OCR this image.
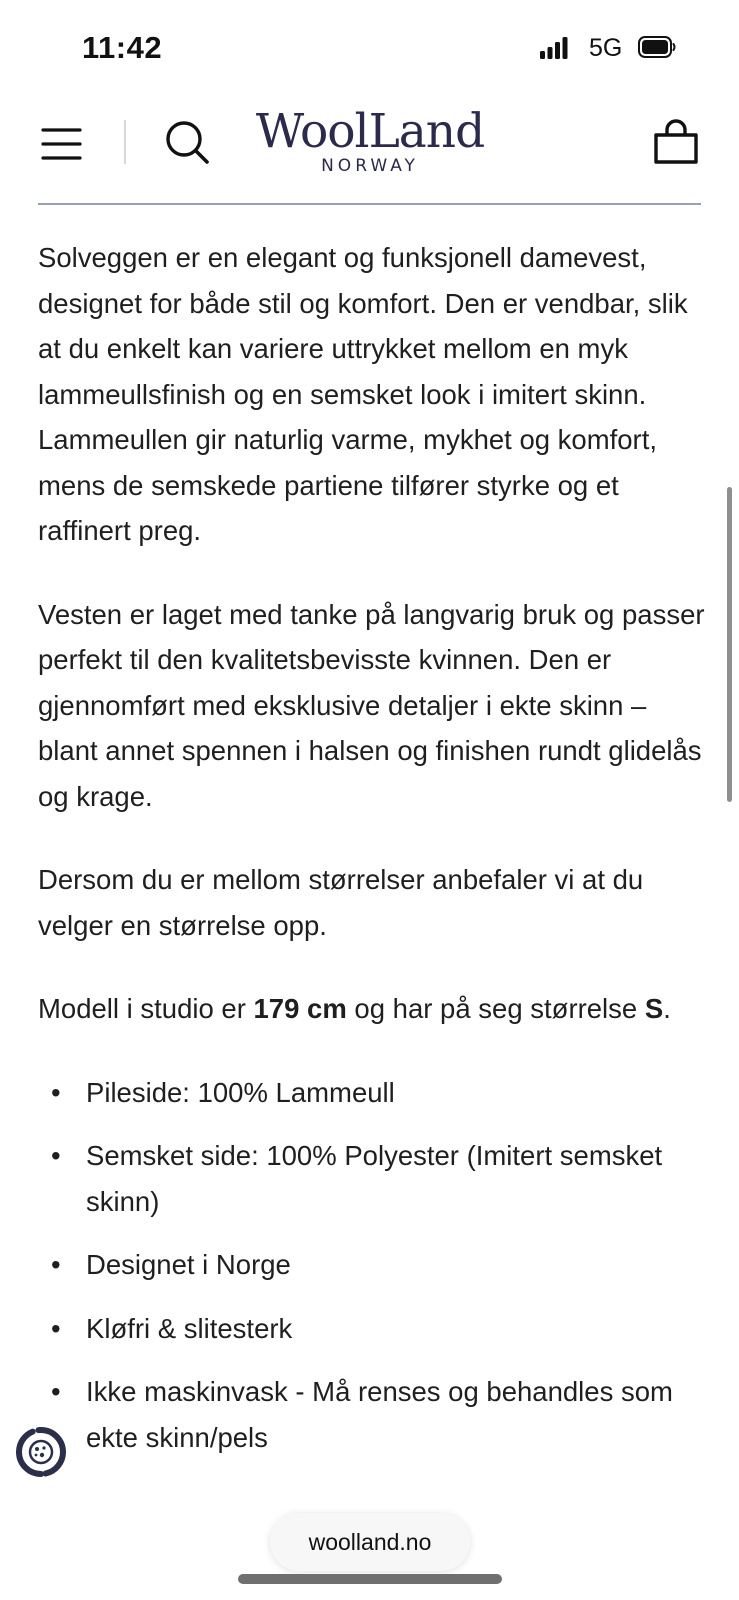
11:42	5G
WoolLand
NORWAY

Solveggen er en elegant og funksjonell damevest, designet for både stil og komfort. Den er vendbar, slik at du enkelt kan variere uttrykket mellom en myk lammeullsfinish og en semsket look i imitert skinn. Lammeullen gir naturlig varme, mykhet og komfort, mens de semskede partiene tilfører styrke og et raffinert preg.

Vesten er laget med tanke på langvarig bruk og passer perfekt til den kvalitetsbevisste kvinnen. Den er gjennomført med eksklusive detaljer i ekte skinn – blant annet spennen i halsen og finishen rundt glidelås og krage.

Dersom du er mellom størrelser anbefaler vi at du velger en størrelse opp.

Modell i studio er 179 cm og har på seg størrelse S.

• Pileside: 100% Lammeull
• Semsket side: 100% Polyester (Imitert semsket skinn)
• Designet i Norge
• Kløfri & slitesterk
• Ikke maskinvask - Må renses og behandles som ekte skinn/pels
woolland.no
